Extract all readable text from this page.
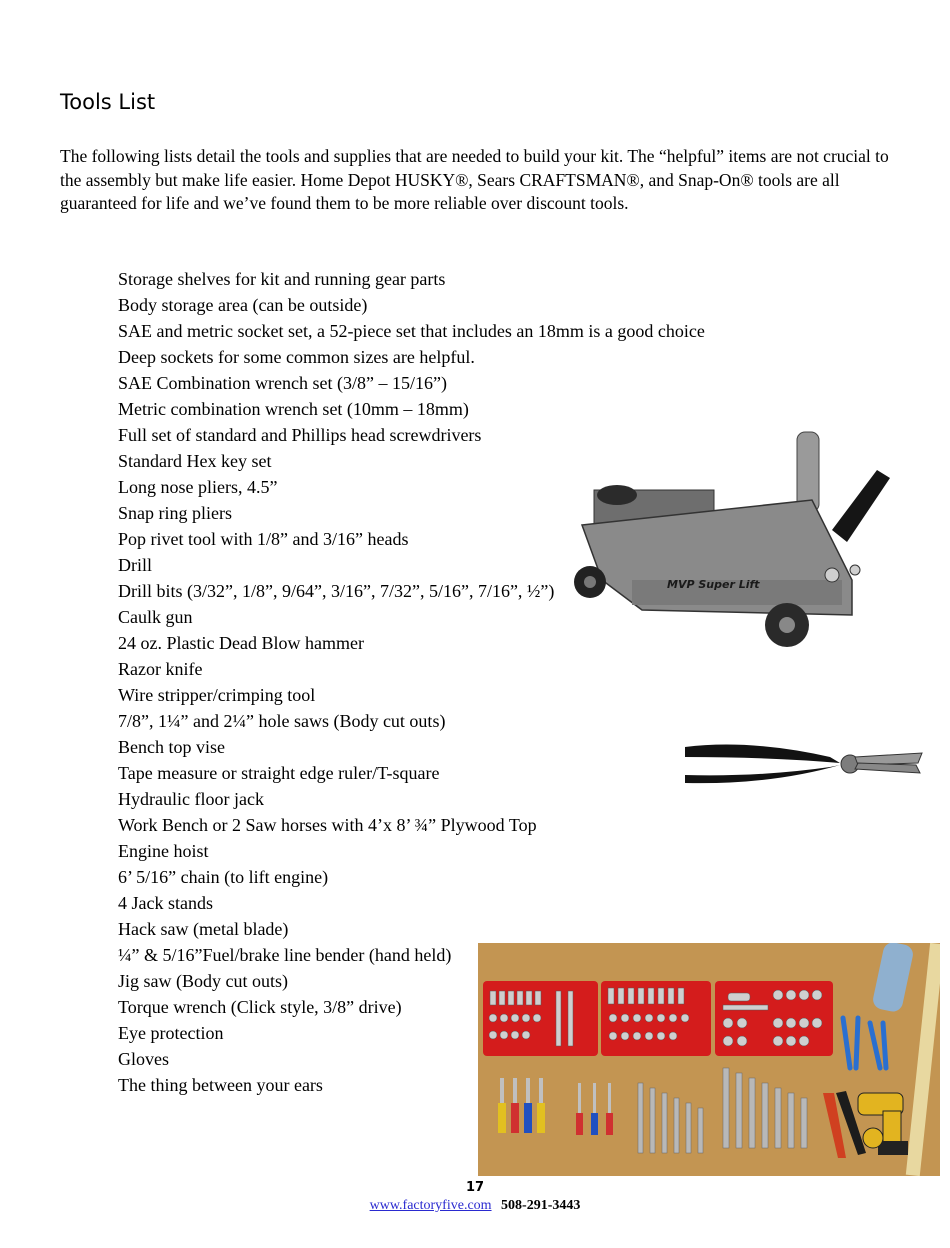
Tools List
The following lists detail the tools and supplies that are needed to build your kit. The “helpful” items are not crucial to the assembly but make life easier. Home Depot HUSKY®, Sears CRAFTSMAN®, and Snap-On® tools are all guaranteed for life and we’ve found them to be more reliable over discount tools.
Storage shelves for kit and running gear parts
Body storage area (can be outside)
SAE and metric socket set, a 52-piece set that includes an 18mm is a good choice
Deep sockets for some common sizes are helpful.
SAE Combination wrench set (3/8” – 15/16”)
Metric combination wrench set (10mm – 18mm)
Full set of standard and Phillips head screwdrivers
Standard Hex key set
Long nose pliers, 4.5”
Snap ring pliers
Pop rivet tool with 1/8” and 3/16” heads
Drill
Drill bits (3/32”, 1/8”, 9/64”, 3/16”, 7/32”, 5/16”, 7/16”, ½”)
Caulk gun
24 oz. Plastic Dead Blow hammer
Razor knife
Wire stripper/crimping tool
7/8”, 1¼” and 2¼” hole saws (Body cut outs)
Bench top vise
Tape measure or straight edge ruler/T-square
Hydraulic floor jack
Work Bench or 2 Saw horses with 4’x 8’ ¾” Plywood Top
Engine hoist
6’ 5/16” chain (to lift engine)
4 Jack stands
Hack saw (metal blade)
¼” & 5/16”Fuel/brake line bender (hand held)
Jig saw (Body cut outs)
Torque wrench (Click style, 3/8” drive)
Eye protection
Gloves
The thing between your ears
MVP Super Lift
17
www.factoryfive.com 508-291-3443
